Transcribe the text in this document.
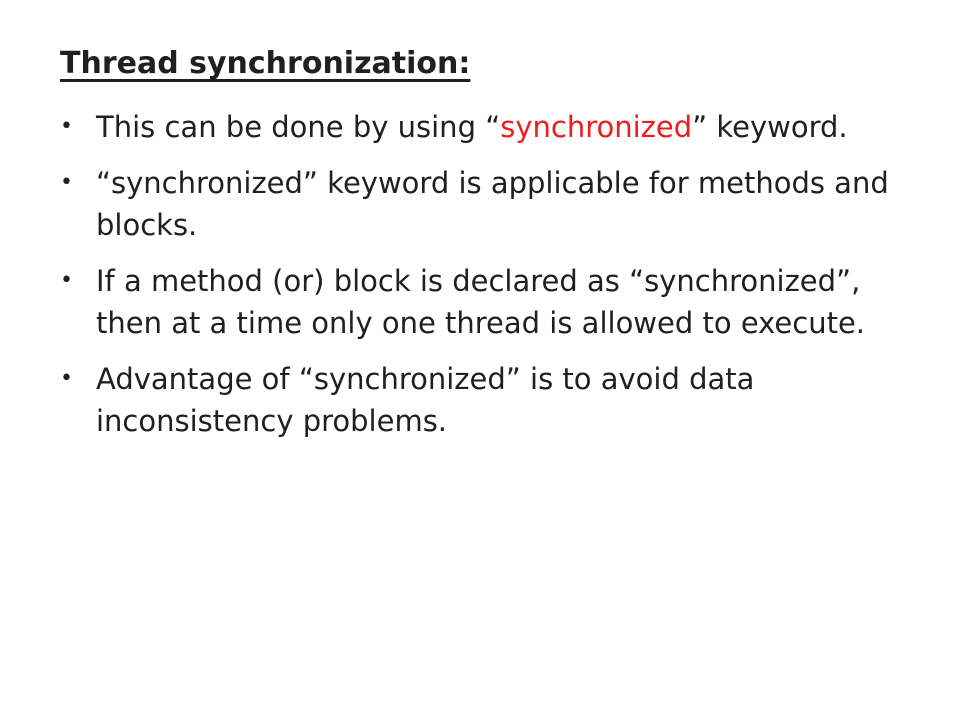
Thread synchronization:
• This can be done by using “synchronized” keyword.
• “synchronized” keyword is applicable for methods and blocks.
• If a method (or) block is declared as “synchronized”, then at a time only one thread is allowed to execute.
• Advantage of “synchronized” is to avoid data inconsistency problems.
